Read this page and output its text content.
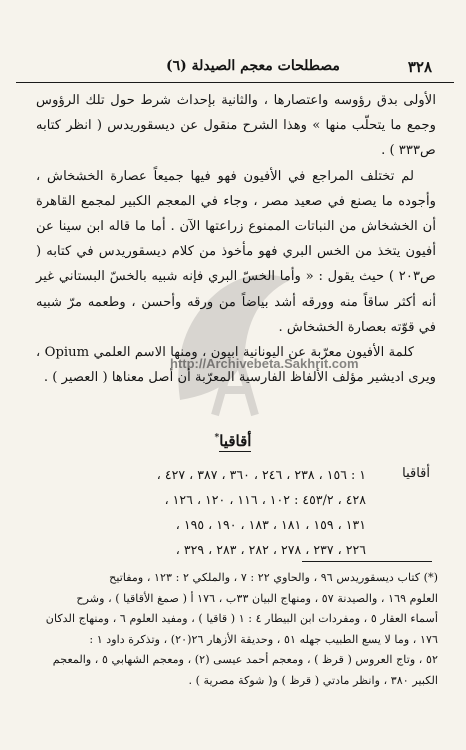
٣٢٨
مصطلحات معجم الصيدلة (٦)
http://Archivebeta.Sakhrit.com

الأولى بدق رؤوسه واعتصارها ، والثانية بإحداث شرط حول تلك الرؤوس وجمع ما يتحلّب منها » وهذا الشرح منقول عن ديسقوريدس ( انظر كتابه ص٣٣٣ ) .

لم تختلف المراجع في الأفيون فهو فيها جميعاً عصارة الخشخاش ، وأجوده ما يصنع في صعيد مصر ، وجاء في المعجم الكبير لمجمع القاهرة أن الخشخاش من النباتات الممنوع زراعتها الآن . أما ما قاله ابن سينا عن أفيون يتخذ من الخس البري فهو مأخوذ من كلام ديسقوريدس في كتابه ( ص٢٠٣ ) حيث يقول : « وأما الخسّ البري فإنه شبيه بالخسّ البستاني غير أنه أكثر ساقاً منه وورقه أشد بياضاً من ورقه وأحسن ، وطعمه مرّ شبيه في قوّته بعصارة الخشخاش .

كلمة الأفيون معرّبة عن اليونانية ابيون ، ومنها الاسم العلمي Opium ، ويرى اديشير مؤلف الألفاظ الفارسية المعرّبة أن أصل معناها ( العصير ) .

أقاقيا*
أقاقيا
١ : ١٥٦ ، ٢٣٨ ، ٢٤٦ ، ٣٦٠ ، ٣٨٧ ، ٤٢٧ ،
٤٢٨ ، ٤٥٣/٢ : ١٠٢ ، ١١٦ ، ١٢٠ ، ١٢٦ ،
١٣١ ، ١٥٩ ، ١٨١ ، ١٨٣ ، ١٩٠ ، ١٩٥ ،
٢٢٦ ، ٢٣٧ ، ٢٧٨ ، ٢٨٢ ، ٢٨٣ ، ٣٢٩ ،
(*) كتاب ديسقوريدس ٩٦ ، والحاوي ٢٢ : ٧ ، والملكي ٢ : ١٢٣ ، ومفاتيح
العلوم ١٦٩ ، والصيدنة ٥٧ ، ومنهاج البيان ٣٣ب ، ١٧٦ أ ( صمغ الأقاقيا ) ، وشرح
أسماء العقار ٥ ، ومفردات ابن البيطار ٤ : ١ ( قاقيا ) ، ومفيد العلوم ٦ ، ومنهاج الدكان
١٧٦ ، وما لا يسع الطبيب جهله ٥١ ، وحديقة الأزهار ٢٦(٢٠) ، وتذكرة داود ١ :
٥٢ ، وتاج العروس ( قرظ ) ، ومعجم أحمد عيسى (٢) ، ومعجم الشهابي ٥ ، والمعجم
الكبير ٣٨٠ ، وانظر مادتي ( قرظ ) و( شوكة مصرية ) .
